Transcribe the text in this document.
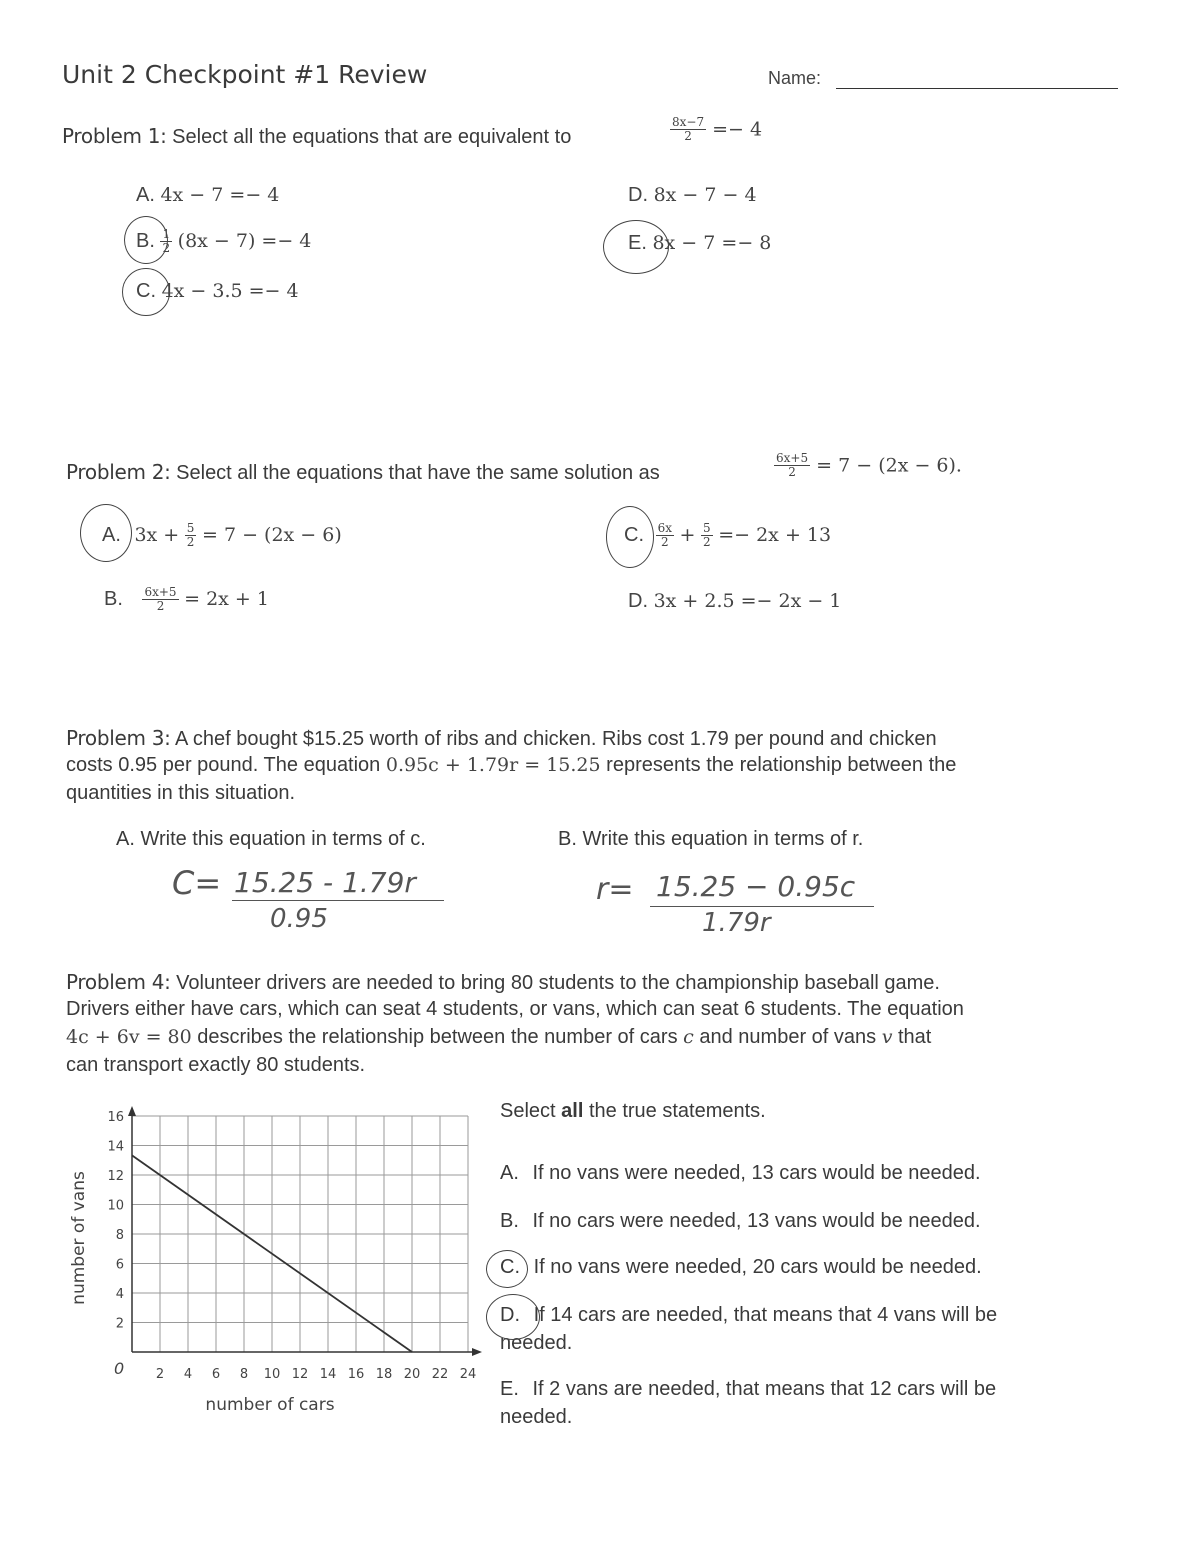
Unit 2 Checkpoint #1 Review	Name:
Problem 1: Select all the equations that are equivalent to	$\frac{8x-7}{2} =- 4$
A. 4x − 7 =− 4
B. $\frac{1}{2} (8x - 7) =- 4$
C. 4x − 3.5 =− 4
D. 8x − 7 − 4
E. 8x − 7 =− 8
Problem 2: Select all the equations that have the same solution as	$\frac{6x+5}{2} = 7 - (2x - 6)$.
A. $3x + \frac{5}{2} = 7 - (2x - 6)$
B. $\frac{6x+5}{2} = 2x + 1$
C. $\frac{6x}{2} + \frac{5}{2} =- 2x + 13$
D. 3x + 2.5 =− 2x − 1
Problem 3: A chef bought $15.25 worth of ribs and chicken. Ribs cost 1.79 per pound and chicken
costs 0.95 per pound. The equation 0.95c + 1.79r = 15.25 represents the relationship between the
quantities in this situation.
A. Write this equation in terms of c.	B. Write this equation in terms of r.
C= 15.25 - 1.79r
0.95
r= 15.25 − 0.95c
1.79r
Problem 4: Volunteer drivers are needed to bring 80 students to the championship baseball game.
Drivers either have cars, which can seat 4 students, or vans, which can seat 6 students. The equation
4c + 6v = 80 describes the relationship between the number of cars c and number of vans v that
can transport exactly 80 students.
Select all the true statements.
A. If no vans were needed, 13 cars would be needed.
B. If no cars were needed, 13 vans would be needed.
C. If no vans were needed, 20 cars would be needed.
D. If 14 cars are needed, that means that 4 vans will be
needed.
E. If 2 vans are needed, that means that 12 cars will be
needed.
2 4 6 8 10 12 14 16 18 20 22 24
2
4
6
8
10
12
14
16
number of cars
number of vans
0
